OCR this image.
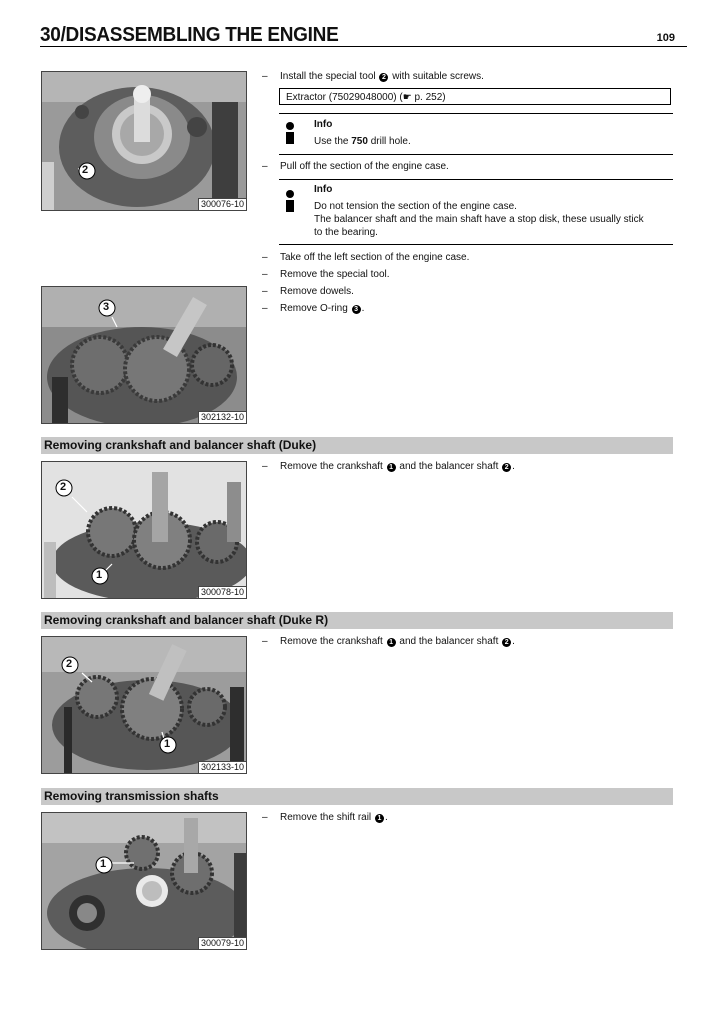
30/DISASSEMBLING THE ENGINE	109
2
300076-10
– Install the special tool 2 with suitable screws.
Extractor (75029048000) (☛ p. 252)
Info
Use the 750 drill hole.
– Pull off the section of the engine case.
Info
Do not tension the section of the engine case.
The balancer shaft and the main shaft have a stop disk, these usually stick
to the bearing.
– Take off the left section of the engine case.
– Remove the special tool.
– Remove dowels.
– Remove O-ring 3 .
3
302132-10
Removing crankshaft and balancer shaft (Duke)
– Remove the crankshaft 1 and the balancer shaft 2 .
2
1
300078-10
Removing crankshaft and balancer shaft (Duke R)
– Remove the crankshaft 1 and the balancer shaft 2 .
2
1
302133-10
Removing transmission shafts
– Remove the shift rail 1 .
1
300079-10
